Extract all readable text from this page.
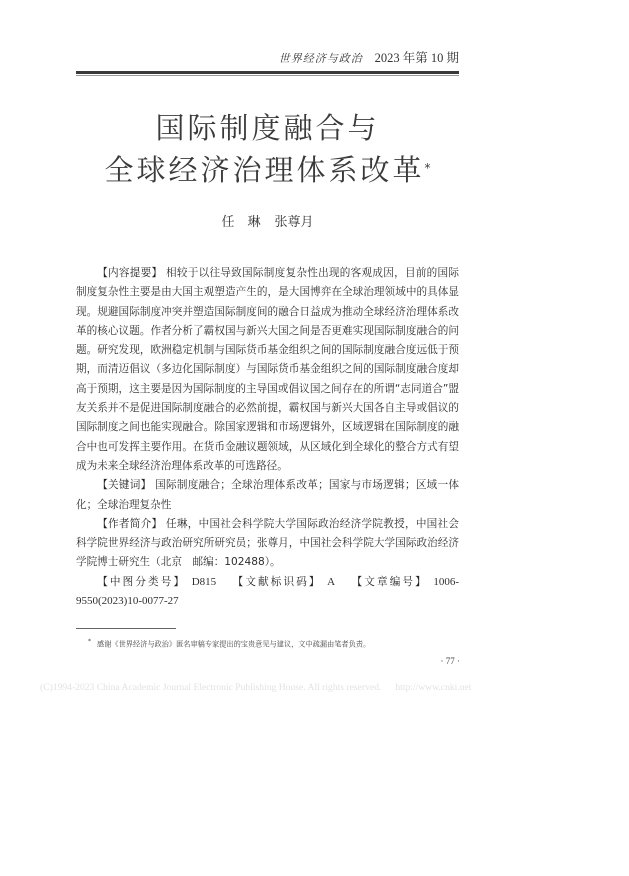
世界经济与政治 2023 年第 10 期
国际制度融合与
全球经济治理体系改革*
任　琳 张尊月

【内容提要】 相较于以往导致国际制度复杂性出现的客观成因，目前的国际制度复杂性主要是由大国主观塑造产生的，是大国博弈在全球治理领域中的具体显现。规避国际制度冲突并塑造国际制度间的融合日益成为推动全球经济治理体系改革的核心议题。作者分析了霸权国与新兴大国之间是否更难实现国际制度融合的问题。研究发现，欧洲稳定机制与国际货币基金组织之间的国际制度融合度远低于预期，而清迈倡议（多边化国际制度）与国际货币基金组织之间的国际制度融合度却高于预期，这主要是因为国际制度的主导国或倡议国之间存在的所谓“志同道合”盟友关系并不是促进国际制度融合的必然前提，霸权国与新兴大国各自主导或倡议的国际制度之间也能实现融合。除国家逻辑和市场逻辑外，区域逻辑在国际制度的融合中也可发挥主要作用。在货币金融议题领域，从区域化到全球化的整合方式有望成为未来全球经济治理体系改革的可选路径。

【关键词】 国际制度融合；全球治理体系改革；国家与市场逻辑；区域一体化；全球治理复杂性

【作者简介】 任琳，中国社会科学院大学国际政治经济学院教授，中国社会科学院世界经济与政治研究所研究员；张尊月，中国社会科学院大学国际政治经济学院博士研究生（北京　邮编：102488）。

【中图分类号】 D815 【文献标识码】 A 【文章编号】 1006-9550(2023)10-0077-27

* 感谢《世界经济与政治》匿名审稿专家提出的宝贵意见与建议，文中疏漏由笔者负责。
· 77 ·
(C)1994-2023 China Academic Journal Electronic Publishing House. All rights reserved. http://www.cnki.net
